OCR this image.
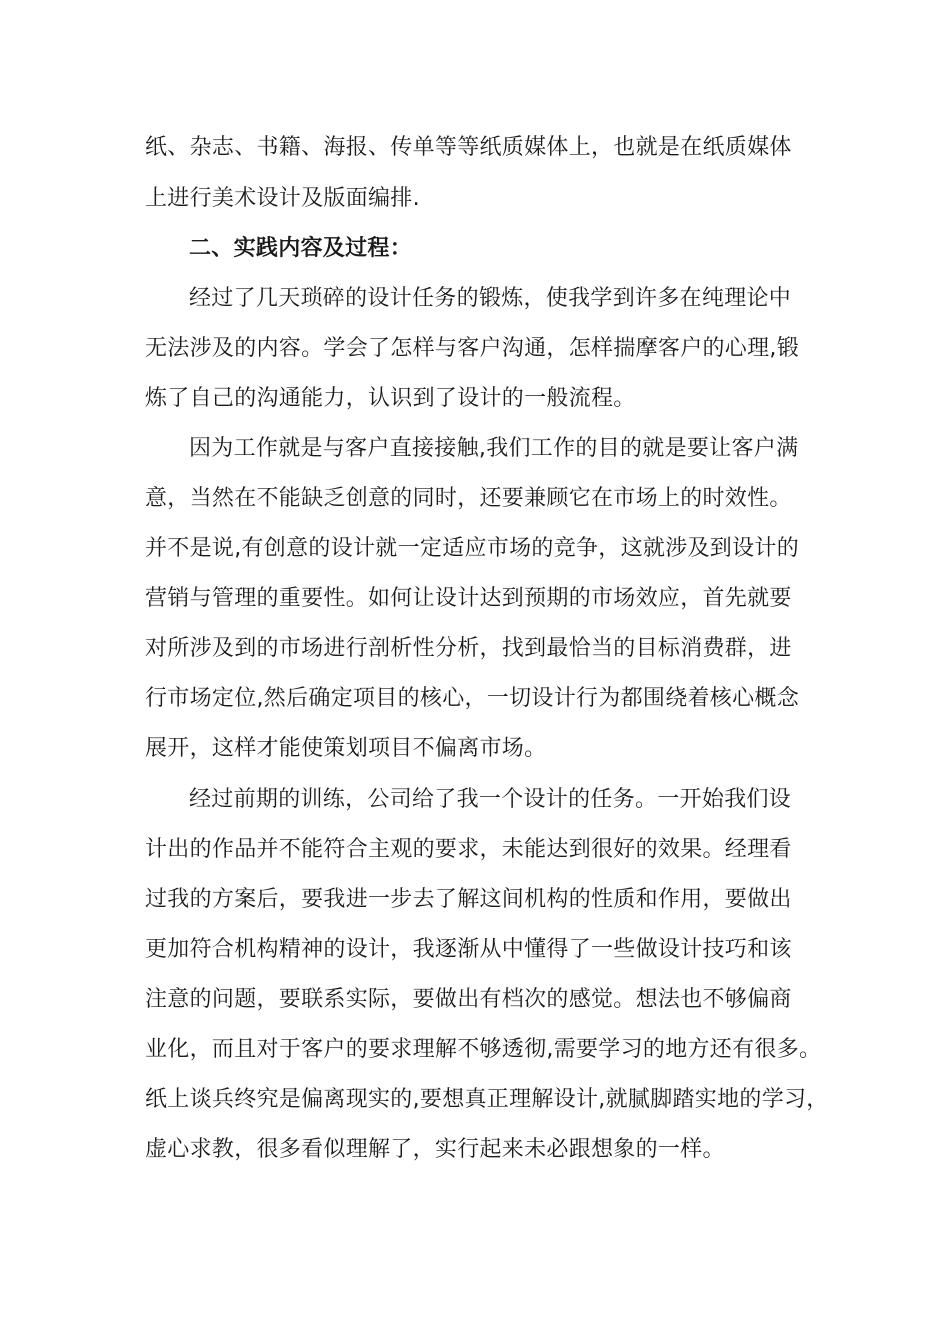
纸、杂志、书籍、海报、传单等等纸质媒体上，也就是在纸质媒体
上进行美术设计及版面编排.
二、实践内容及过程：
经过了几天琐碎的设计任务的锻炼，使我学到许多在纯理论中
无法涉及的内容。学会了怎样与客户沟通，怎样揣摩客户的心理,锻
炼了自己的沟通能力，认识到了设计的一般流程。
因为工作就是与客户直接接触,我们工作的目的就是要让客户满
意，当然在不能缺乏创意的同时，还要兼顾它在市场上的时效性。
并不是说,有创意的设计就一定适应市场的竞争，这就涉及到设计的
营销与管理的重要性。如何让设计达到预期的市场效应，首先就要
对所涉及到的市场进行剖析性分析，找到最恰当的目标消费群，进
行市场定位,然后确定项目的核心，一切设计行为都围绕着核心概念
展开，这样才能使策划项目不偏离市场。
经过前期的训练，公司给了我一个设计的任务。一开始我们设
计出的作品并不能符合主观的要求，未能达到很好的效果。经理看
过我的方案后，要我进一步去了解这间机构的性质和作用，要做出
更加符合机构精神的设计，我逐渐从中懂得了一些做设计技巧和该
注意的问题，要联系实际，要做出有档次的感觉。想法也不够偏商
业化，而且对于客户的要求理解不够透彻,需要学习的地方还有很多。
纸上谈兵终究是偏离现实的,要想真正理解设计,就腻脚踏实地的学习，
虚心求教，很多看似理解了，实行起来未必跟想象的一样。
